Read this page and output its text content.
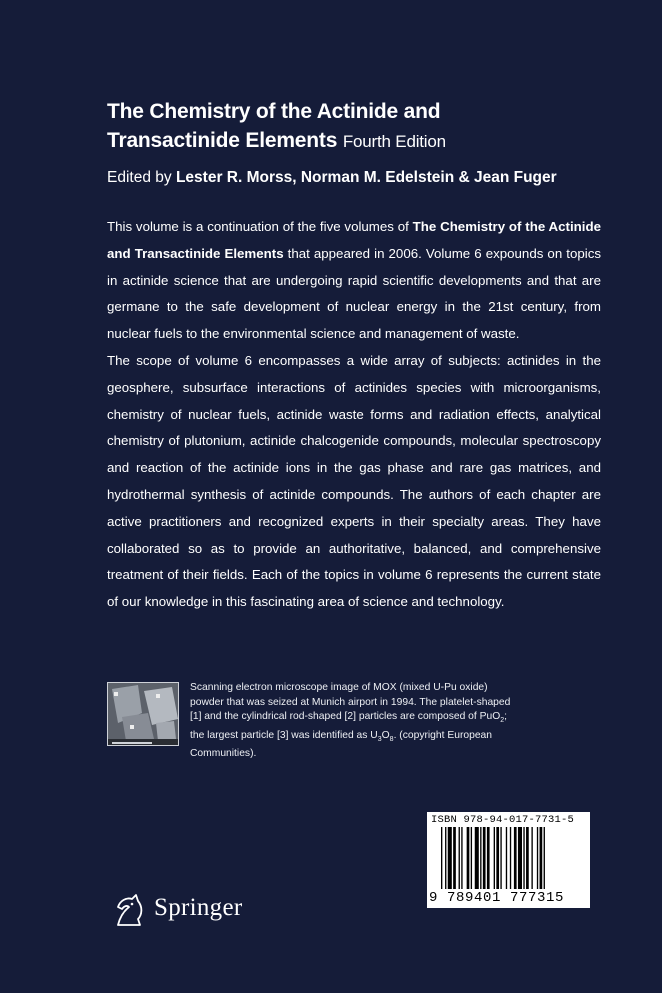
The Chemistry of the Actinide and
Transactinide Elements Fourth Edition
Edited by Lester R. Morss, Norman M. Edelstein & Jean Fuger

This volume is a continuation of the five volumes of The Chemistry of the Actinide and Transactinide Elements that appeared in 2006. Volume 6 expounds on topics in actinide science that are undergoing rapid scientific developments and that are germane to the safe development of nuclear energy in the 21st century, from nuclear fuels to the environmental science and management of waste.

The scope of volume 6 encompasses a wide array of subjects: actinides in the geosphere, subsurface interactions of actinides species with microorganisms, chemistry of nuclear fuels, actinide waste forms and radiation effects, analytical chemistry of plutonium, actinide chalcogenide compounds, molecular spectroscopy and reaction of the actinide ions in the gas phase and rare gas matrices, and hydrothermal synthesis of actinide compounds. The authors of each chapter are active practitioners and recognized experts in their specialty areas. They have collaborated so as to provide an authoritative, balanced, and comprehensive treatment of their fields. Each of the topics in volume 6 represents the current state of our knowledge in this fascinating area of science and technology.

Scanning electron microscope image of MOX (mixed U-Pu oxide) powder that was seized at Munich airport in 1994. The platelet-shaped [1] and the cylindrical rod-shaped [2] particles are composed of PuO$_2$; the largest particle [3] was identified as $U_3O_8$. (copyright European Communities).
ISBN 978-94-017-7731-5
9 789401 777315
Springer
